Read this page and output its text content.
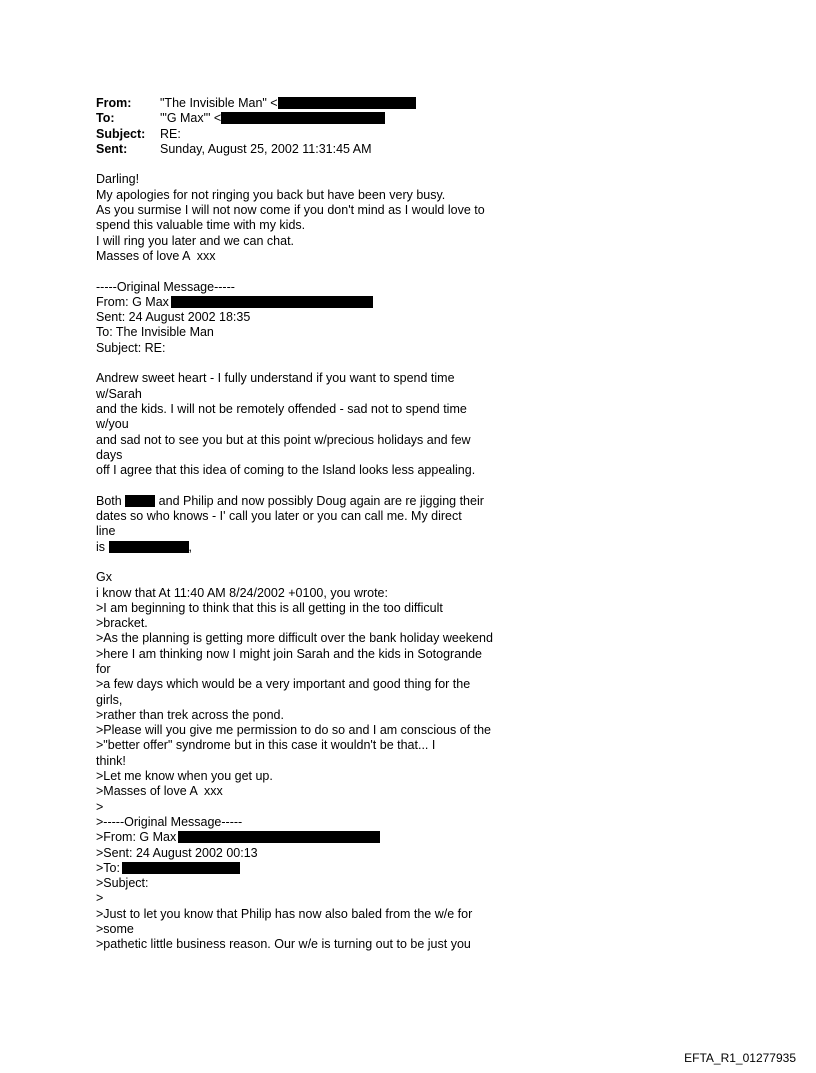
From:	"The Invisible Man" <
To:	'"G Max"' <
Subject:	RE:
Sent:	Sunday, August 25, 2002 11:31:45 AM
Darling!
My apologies for not ringing you back but have been very busy.
As you surmise I will not now come if you don't mind as I would love to
spend this valuable time with my kids.
I will ring you later and we can chat.
Masses of love A  xxx
-----Original Message-----
From: G Max
Sent: 24 August 2002 18:35
To: The Invisible Man
Subject: RE:
Andrew sweet heart - I fully understand if you want to spend time
w/Sarah
and the kids. I will not be remotely offended - sad not to spend time
w/you
and sad not to see you but at this point w/precious holidays and few
days
off I agree that this idea of coming to the Island looks less appealing.
Both	and Philip and now possibly Doug again are re jigging their
dates so who knows - I' call you later or you can call me. My direct
line
is	,
Gx
i know that At 11:40 AM 8/24/2002 +0100, you wrote:
>I am beginning to think that this is all getting in the too difficult
>bracket.
>As the planning is getting more difficult over the bank holiday weekend
>here I am thinking now I might join Sarah and the kids in Sotogrande
for
>a few days which would be a very important and good thing for the
girls,
>rather than trek across the pond.
>Please will you give me permission to do so and I am conscious of the
>"better offer" syndrome but in this case it wouldn't be that... I
think!
>Let me know when you get up.
>Masses of love A  xxx
>
>-----Original Message-----
>From: G Max
>Sent: 24 August 2002 00:13
>To:
>Subject:
>
>Just to let you know that Philip has now also baled from the w/e for
>some
>pathetic little business reason. Our w/e is turning out to be just you
EFTA_R1_01277935
